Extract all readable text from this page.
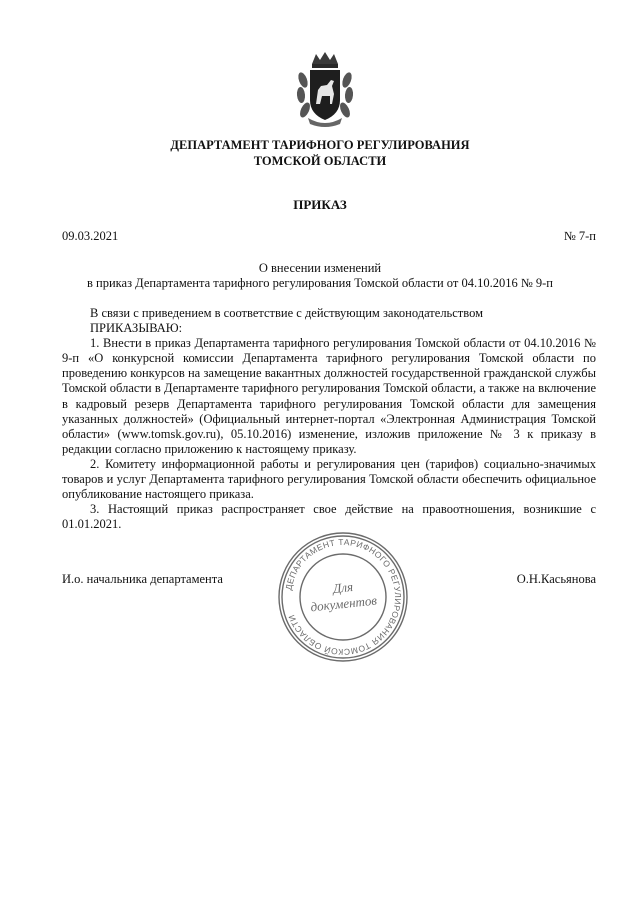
ДЕПАРТАМЕНТ ТАРИФНОГО РЕГУЛИРОВАНИЯ
ТОМСКОЙ ОБЛАСТИ
ПРИКАЗ
09.03.2021	№ 7-п
О внесении изменений
в приказ Департамента тарифного регулирования Томской области от 04.10.2016 № 9-п

В связи с приведением в соответствие с действующим законодательством

ПРИКАЗЫВАЮ:

1. Внести в приказ Департамента тарифного регулирования Томской области от 04.10.2016 № 9-п «О конкурсной комиссии Департамента тарифного регулирования Томской области по проведению конкурсов на замещение вакантных должностей государственной гражданской службы Томской области в Департаменте тарифного регулирования Томской области, а также на включение в кадровый резерв Департамента тарифного регулирования Томской области для замещения указанных должностей» (Официальный интернет-портал «Электронная Администрация Томской области» (www.tomsk.gov.ru), 05.10.2016) изменение, изложив приложение № 3 к приказу в редакции согласно приложению к настоящему приказу.

2. Комитету информационной работы и регулирования цен (тарифов) социально-значимых товаров и услуг Департамента тарифного регулирования Томской области обеспечить официальное опубликование настоящего приказа.

3. Настоящий приказ распространяет свое действие на правоотношения, возникшие с 01.01.2021.

И.о. начальника департамента	О.Н.Касьянова
ДЕПАРТАМЕНТ ТАРИФНОГО РЕГУЛИРОВАНИЯ ТОМСКОЙ ОБЛАСТИ
Для
документов
